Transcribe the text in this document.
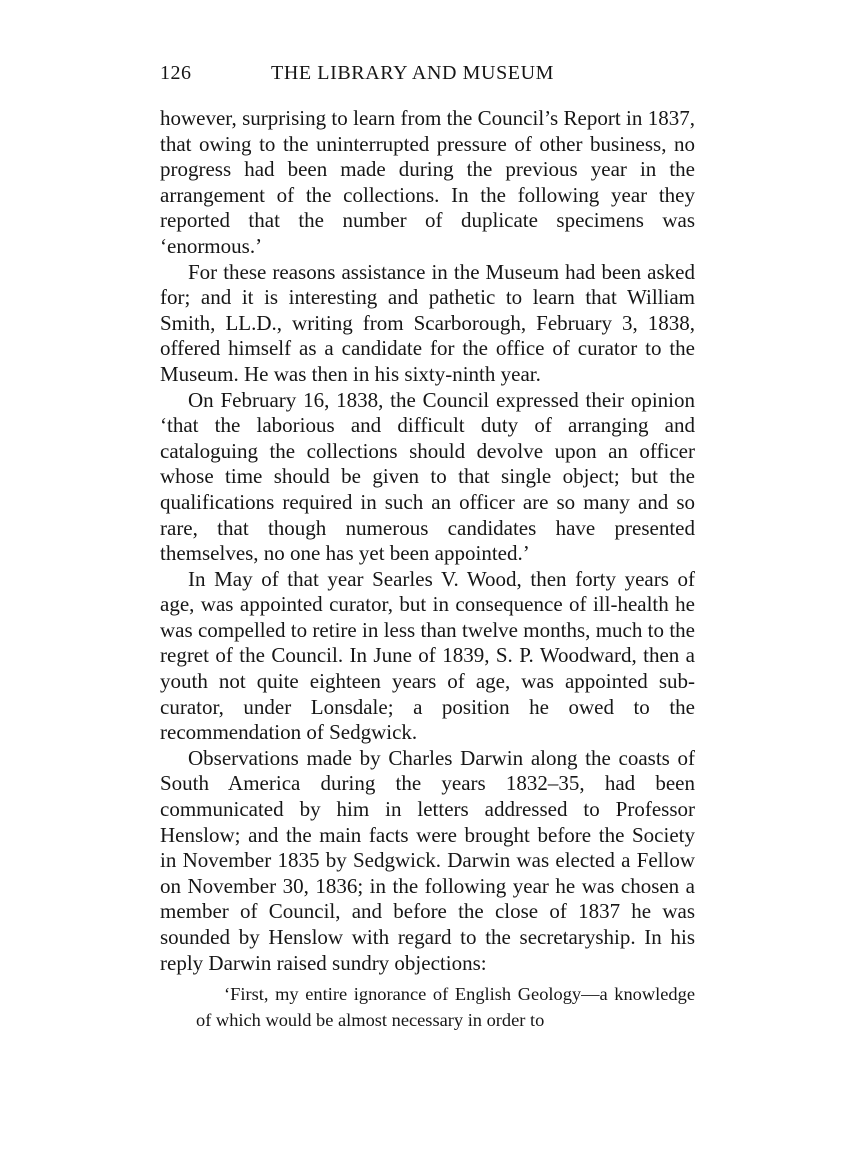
126	THE LIBRARY AND MUSEUM

however, surprising to learn from the Council’s Report in 1837, that owing to the uninterrupted pressure of other business, no progress had been made during the previous year in the arrangement of the collections. In the following year they reported that the number of duplicate specimens was ‘enormous.’

For these reasons assistance in the Museum had been asked for; and it is interesting and pathetic to learn that William Smith, LL.D., writing from Scarborough, February 3, 1838, offered himself as a candidate for the office of curator to the Museum. He was then in his sixty-ninth year.

On February 16, 1838, the Council expressed their opinion ‘that the laborious and difficult duty of arranging and cataloguing the collections should devolve upon an officer whose time should be given to that single object; but the qualifications required in such an officer are so many and so rare, that though numerous candidates have presented themselves, no one has yet been appointed.’

In May of that year Searles V. Wood, then forty years of age, was appointed curator, but in consequence of ill-health he was compelled to retire in less than twelve months, much to the regret of the Council. In June of 1839, S. P. Woodward, then a youth not quite eighteen years of age, was appointed sub-curator, under Lonsdale; a position he owed to the recommendation of Sedgwick.

Observations made by Charles Darwin along the coasts of South America during the years 1832–35, had been communicated by him in letters addressed to Professor Henslow; and the main facts were brought before the Society in November 1835 by Sedgwick. Darwin was elected a Fellow on November 30, 1836; in the following year he was chosen a member of Council, and before the close of 1837 he was sounded by Henslow with regard to the secretaryship. In his reply Darwin raised sundry objections:

‘First, my entire ignorance of English Geology—a knowledge of which would be almost necessary in order to
